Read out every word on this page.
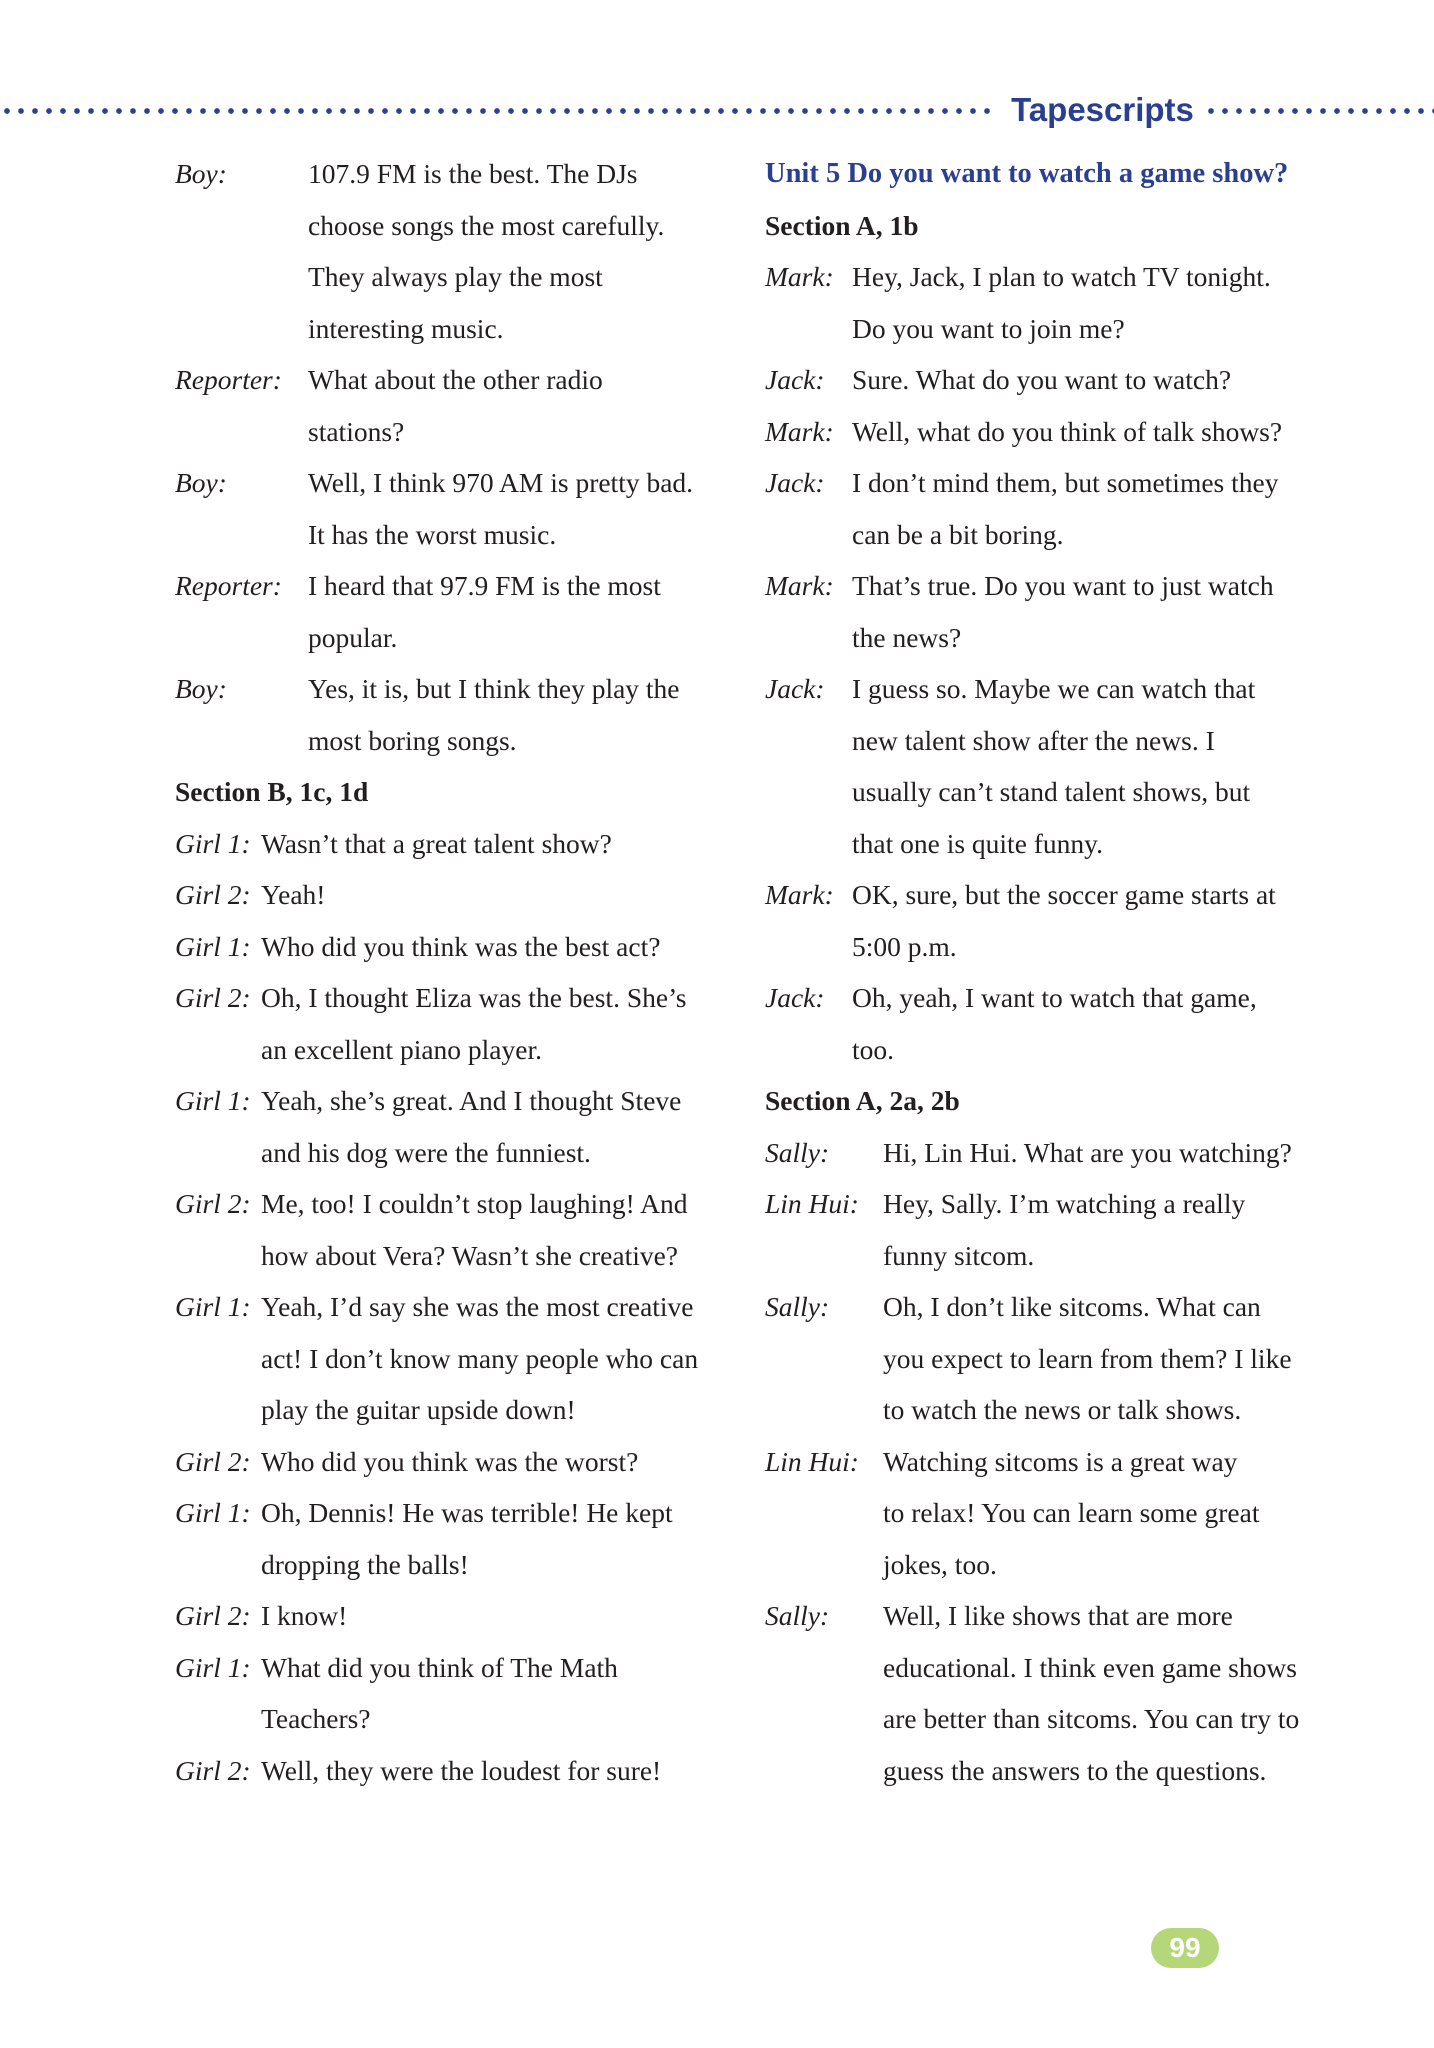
Tapescripts
Boy:	107.9 FM is the best. The DJs
choose songs the most carefully.
They always play the most
interesting music.
Reporter: What about the other radio
stations?
Boy:	Well, I think 970 AM is pretty bad.
It has the worst music.
Reporter: I heard that 97.9 FM is the most
popular.
Boy:	Yes, it is, but I think they play the
most boring songs.
Section B, 1c, 1d
Girl 1: Wasn’t that a great talent show?
Girl 2: Yeah!
Girl 1: Who did you think was the best act?
Girl 2: Oh, I thought Eliza was the best. She’s
an excellent piano player.
Girl 1: Yeah, she’s great. And I thought Steve
and his dog were the funniest.
Girl 2: Me, too! I couldn’t stop laughing! And
how about Vera? Wasn’t she creative?
Girl 1: Yeah, I’d say she was the most creative
act! I don’t know many people who can
play the guitar upside down!
Girl 2: Who did you think was the worst?
Girl 1: Oh, Dennis! He was terrible! He kept
dropping the balls!
Girl 2: I know!
Girl 1: What did you think of The Math
Teachers?
Girl 2: Well, they were the loudest for sure!
Unit 5 Do you want to watch a game show?
Section A, 1b
Mark: Hey, Jack, I plan to watch TV tonight.
Do you want to join me?
Jack: Sure. What do you want to watch?
Mark: Well, what do you think of talk shows?
Jack: I don’t mind them, but sometimes they
can be a bit boring.
Mark: That’s true. Do you want to just watch
the news?
Jack: I guess so. Maybe we can watch that
new talent show after the news. I
usually can’t stand talent shows, but
that one is quite funny.
Mark: OK, sure, but the soccer game starts at
5:00 p.m.
Jack: Oh, yeah, I want to watch that game,
too.
Section A, 2a, 2b
Sally: Hi, Lin Hui. What are you watching?
Lin Hui: Hey, Sally. I’m watching a really
funny sitcom.
Sally: Oh, I don’t like sitcoms. What can
you expect to learn from them? I like
to watch the news or talk shows.
Lin Hui: Watching sitcoms is a great way
to relax! You can learn some great
jokes, too.
Sally: Well, I like shows that are more
educational. I think even game shows
are better than sitcoms. You can try to
guess the answers to the questions.
99
